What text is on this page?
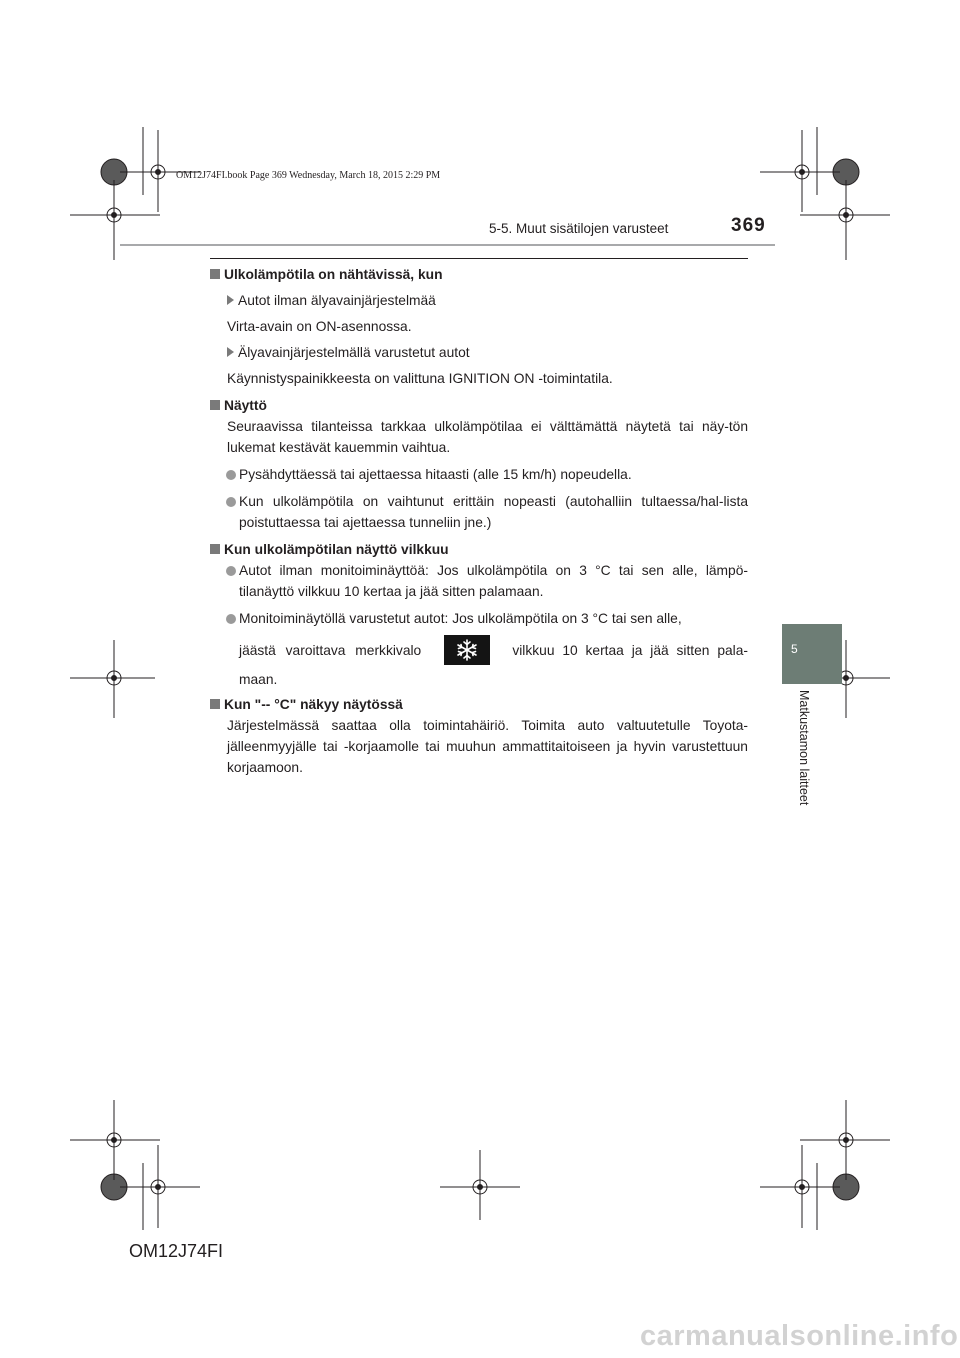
OM12J74FI.book Page 369 Wednesday, March 18, 2015 2:29 PM
5-5. Muut sisätilojen varusteet	369
5
Matkustamon laitteet

Ulkolämpötila on nähtävissä, kun

Autot ilman älyavainjärjestelmää

Virta-avain on ON-asennossa.

Älyavainjärjestelmällä varustetut autot

Käynnistyspainikkeesta on valittuna IGNITION ON -toimintatila.

Näyttö

Seuraavissa tilanteissa tarkkaa ulkolämpötilaa ei välttämättä näytetä tai näy-tön lukemat kestävät kauemmin vaihtua.

Pysähdyttäessä tai ajettaessa hitaasti (alle 15 km/h) nopeudella.

Kun ulkolämpötila on vaihtunut erittäin nopeasti (autohalliin tultaessa/hal-lista poistuttaessa tai ajettaessa tunneliin jne.)

Kun ulkolämpötilan näyttö vilkkuu

Autot ilman monitoiminäyttöä: Jos ulkolämpötila on 3 °C tai sen alle, lämpö-tilanäyttö vilkkuu 10 kertaa ja jää sitten palamaan.

Monitoiminäytöllä varustetut autot: Jos ulkolämpötila on 3 °C tai sen alle,
jäästä varoittava merkkivalo	vilkkuu 10 kertaa ja jää sitten pala-
maan.

Kun "-- °C" näkyy näytössä

Järjestelmässä saattaa olla toimintahäiriö. Toimita auto valtuutetulle Toyota-jälleenmyyjälle tai -korjaamolle tai muuhun ammattitaitoiseen ja hyvin varustettuun korjaamoon.

OM12J74FI
carmanualsonline.info
